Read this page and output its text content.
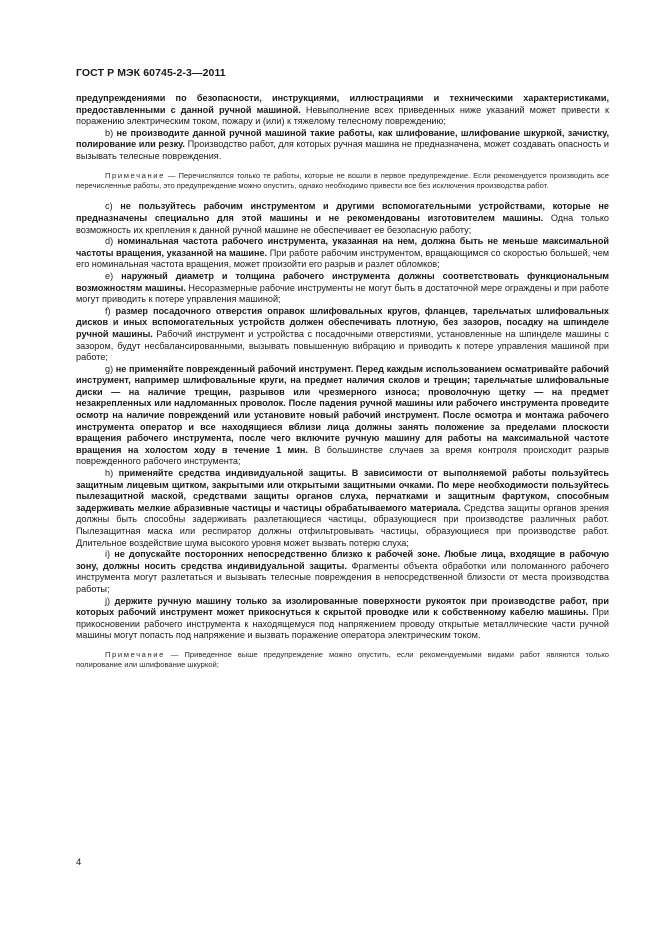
ГОСТ Р МЭК 60745-2-3—2011

предупреждениями по безопасности, инструкциями, иллюстрациями и техническими характеристиками, предоставленными с данной ручной машиной. Невыполнение всех приведенных ниже указаний может привести к поражению электрическим током, пожару и (или) к тяжелому телесному повреждению;

b) не производите данной ручной машиной такие работы, как шлифование, шлифование шкуркой, зачистку, полирование или резку. Производство работ, для которых ручная машина не предназначена, может создавать опасность и вызывать телесные повреждения.

Примечание — Перечисляются только те работы, которые не вошли в первое предупреждение. Если рекомендуется производить все перечисленные работы, это предупреждение можно опустить, однако необходимо привести все без исключения производства работ.

c) не пользуйтесь рабочим инструментом и другими вспомогательными устройствами, которые не предназначены специально для этой машины и не рекомендованы изготовителем машины. Одна только возможность их крепления к данной ручной машине не обеспечивает ее безопасную работу;

d) номинальная частота рабочего инструмента, указанная на нем, должна быть не меньше максимальной частоты вращения, указанной на машине. При работе рабочим инструментом, вращающимся со скоростью большей, чем его номинальная частота вращения, может произойти его разрыв и разлет обломков;

e) наружный диаметр и толщина рабочего инструмента должны соответствовать функциональным возможностям машины. Несоразмерные рабочие инструменты не могут быть в достаточной мере ограждены и при работе могут приводить к потере управления машиной;

f) размер посадочного отверстия оправок шлифовальных кругов, фланцев, тарельчатых шлифовальных дисков и иных вспомогательных устройств должен обеспечивать плотную, без зазоров, посадку на шпинделе ручной машины. Рабочий инструмент и устройства с посадочными отверстиями, установленные на шпинделе машины с зазором, будут несбалансированными, вызывать повышенную вибрацию и приводить к потере управления машиной при работе;

g) не применяйте поврежденный рабочий инструмент. Перед каждым использованием осматривайте рабочий инструмент, например шлифовальные круги, на предмет наличия сколов и трещин; тарельчатые шлифовальные диски — на наличие трещин, разрывов или чрезмерного износа; проволочную щетку — на предмет незакрепленных или надломанных проволок. После падения ручной машины или рабочего инструмента проведите осмотр на наличие повреждений или установите новый рабочий инструмент. После осмотра и монтажа рабочего инструмента оператор и все находящиеся вблизи лица должны занять положение за пределами плоскости вращения рабочего инструмента, после чего включите ручную машину для работы на максимальной частоте вращения на холостом ходу в течение 1 мин. В большинстве случаев за время контроля происходит разрыв поврежденного рабочего инструмента;

h) применяйте средства индивидуальной защиты. В зависимости от выполняемой работы пользуйтесь защитным лицевым щитком, закрытыми или открытыми защитными очками. По мере необходимости пользуйтесь пылезащитной маской, средствами защиты органов слуха, перчатками и защитным фартуком, способным задерживать мелкие абразивные частицы и частицы обрабатываемого материала. Средства защиты органов зрения должны быть способны задерживать разлетающиеся частицы, образующиеся при производстве различных работ. Пылезащитная маска или респиратор должны отфильтровывать частицы, образующиеся при производстве работ. Длительное воздействие шума высокого уровня может вызвать потерю слуха;

i) не допускайте посторонних непосредственно близко к рабочей зоне. Любые лица, входящие в рабочую зону, должны носить средства индивидуальной защиты. Фрагменты объекта обработки или поломанного рабочего инструмента могут разлетаться и вызывать телесные повреждения в непосредственной близости от места производства работы;

j) держите ручную машину только за изолированные поверхности рукояток при производстве работ, при которых рабочий инструмент может прикоснуться к скрытой проводке или к собственному кабелю машины. При прикосновении рабочего инструмента к находящемуся под напряжением проводу открытые металлические части ручной машины могут попасть под напряжение и вызвать поражение оператора электрическим током.

Примечание — Приведенное выше предупреждение можно опустить, если рекомендуемыми видами работ являются только полирование или шлифование шкуркой;

4
